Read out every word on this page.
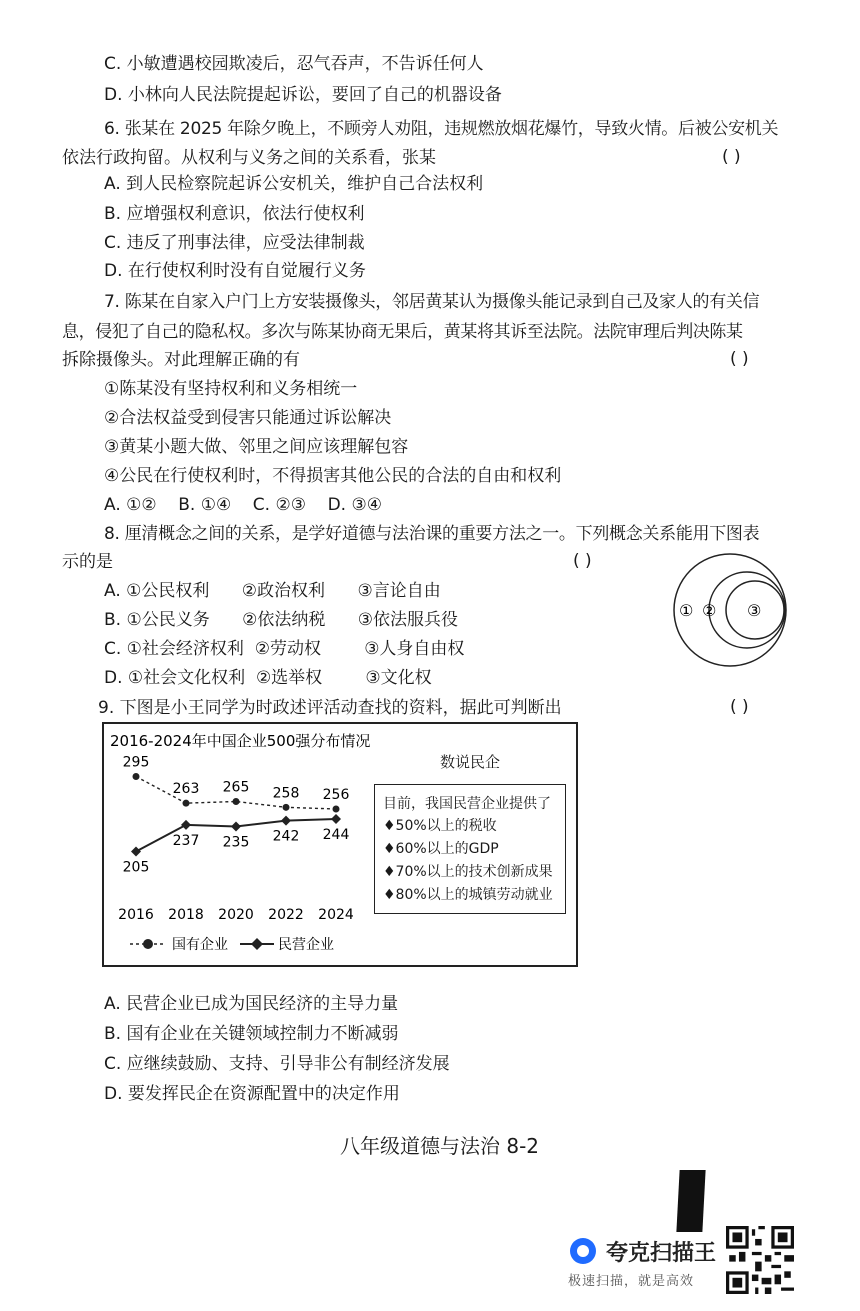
C. 小敏遭遇校园欺凌后，忍气吞声，不告诉任何人
D. 小林向人民法院提起诉讼，要回了自己的机器设备
6. 张某在 2025 年除夕晚上，不顾旁人劝阻，违规燃放烟花爆竹，导致火情。后被公安机关
依法行政拘留。从权利与义务之间的关系看，张某	( )
A. 到人民检察院起诉公安机关，维护自己合法权利
B. 应增强权利意识，依法行使权利
C. 违反了刑事法律，应受法律制裁
D. 在行使权利时没有自觉履行义务
7. 陈某在自家入户门上方安装摄像头，邻居黄某认为摄像头能记录到自己及家人的有关信
息，侵犯了自己的隐私权。多次与陈某协商无果后，黄某将其诉至法院。法院审理后判决陈某
拆除摄像头。对此理解正确的有	( )
①陈某没有坚持权利和义务相统一
②合法权益受到侵害只能通过诉讼解决
③黄某小题大做、邻里之间应该理解包容
④公民在行使权利时，不得损害其他公民的合法的自由和权利
A. ①②    B. ①④    C. ②③    D. ③④
8. 厘清概念之间的关系，是学好道德与法治课的重要方法之一。下列概念关系能用下图表
示的是	( )
A. ①公民权利      ②政治权利      ③言论自由
B. ①公民义务      ②依法纳税      ③依法服兵役
C. ①社会经济权利  ②劳动权        ③人身自由权
D. ①社会文化权利  ②选举权        ③文化权
① ② ③
9. 下图是小王同学为时政述评活动查找的资料，据此可判断出	( )
2016-2024年中国企业500强分布情况
295
263 265 258 256
205
237 235 242 244
2016 2018 2020 2022 2024
国有企业	民营企业
数说民企
目前，我国民营企业提供了
♦50%以上的税收
♦60%以上的GDP
♦70%以上的技术创新成果
♦80%以上的城镇劳动就业
A. 民营企业已成为国民经济的主导力量
B. 国有企业在关键领域控制力不断减弱
C. 应继续鼓励、支持、引导非公有制经济发展
D. 要发挥民企在资源配置中的决定作用
八年级道德与法治 8-2
夸克扫描王
极速扫描，就是高效
